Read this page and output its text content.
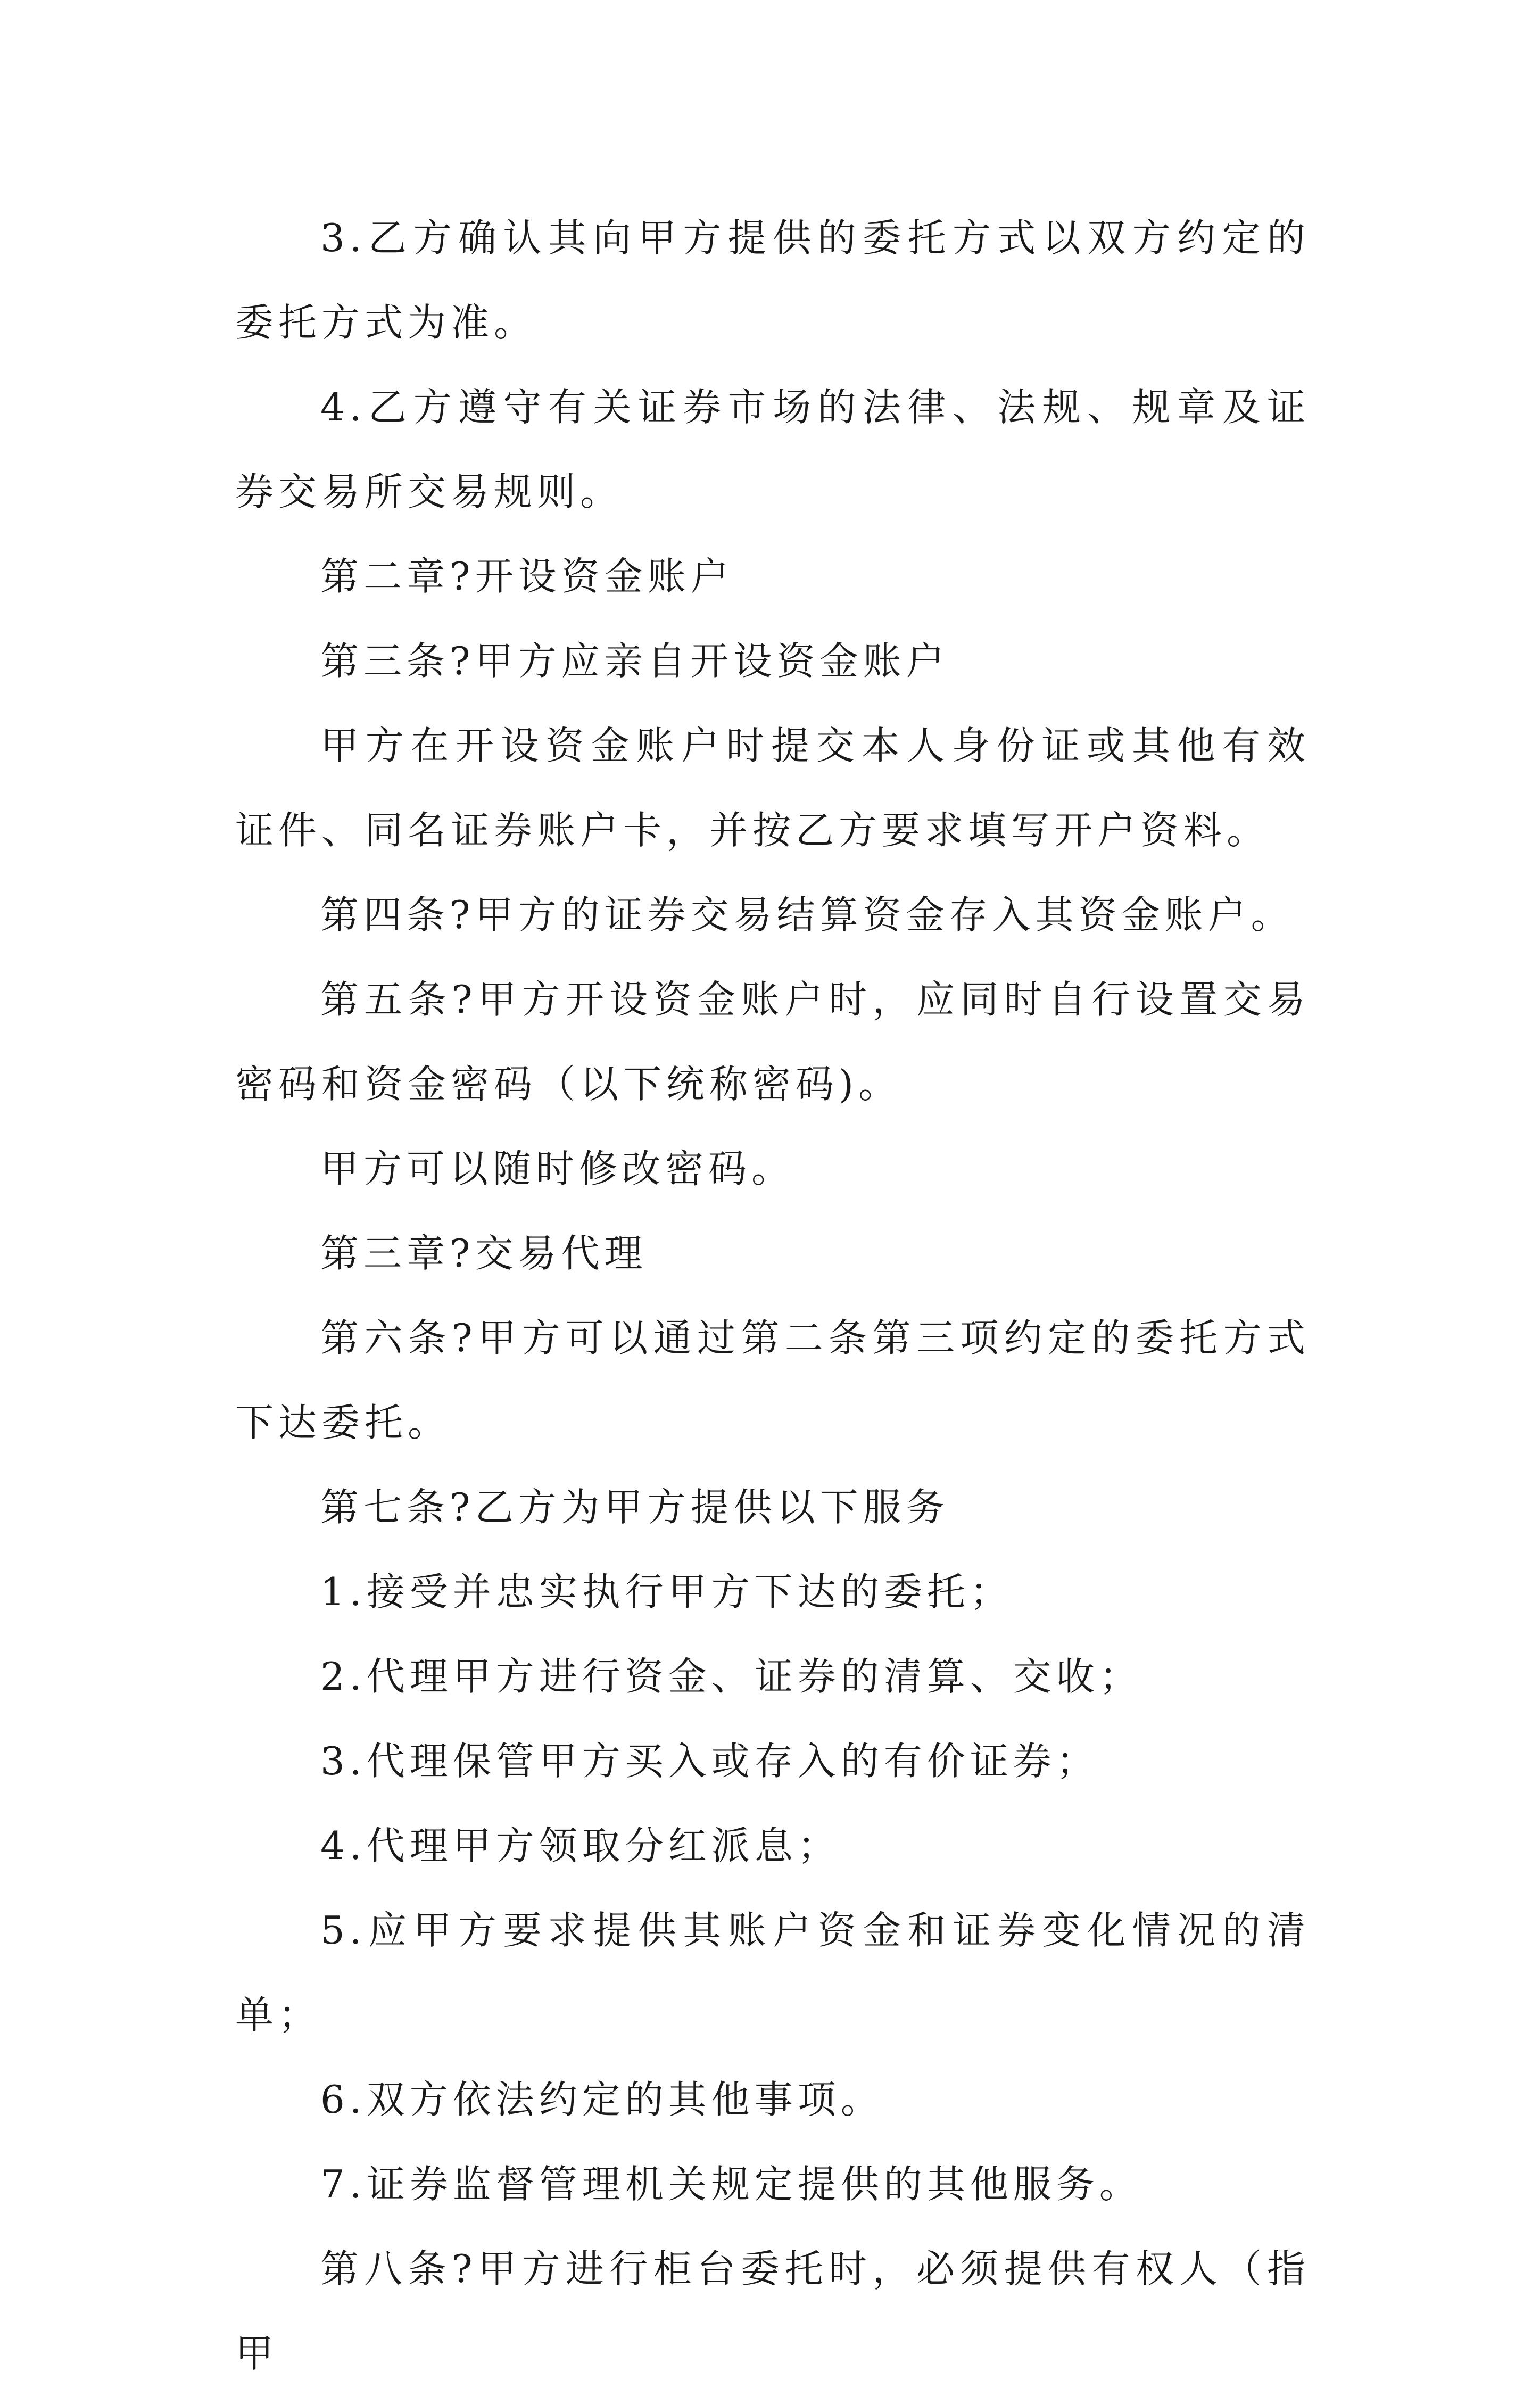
3.乙方确认其向甲方提供的委托方式以双方约定的委托方式为准。

4.乙方遵守有关证券市场的法律、法规、规章及证券交易所交易规则。

第二章?开设资金账户

第三条?甲方应亲自开设资金账户

甲方在开设资金账户时提交本人身份证或其他有效证件、同名证券账户卡，并按乙方要求填写开户资料。

第四条?甲方的证券交易结算资金存入其资金账户。

第五条?甲方开设资金账户时，应同时自行设置交易密码和资金密码（以下统称密码)。

甲方可以随时修改密码。

第三章?交易代理

第六条?甲方可以通过第二条第三项约定的委托方式下达委托。

第七条?乙方为甲方提供以下服务

1.接受并忠实执行甲方下达的委托；

2.代理甲方进行资金、证券的清算、交收；

3.代理保管甲方买入或存入的有价证券；

4.代理甲方领取分红派息；

5.应甲方要求提供其账户资金和证券变化情况的清单；

6.双方依法约定的其他事项。

7.证券监督管理机关规定提供的其他服务。

第八条?甲方进行柜台委托时，必须提供有权人（指甲
